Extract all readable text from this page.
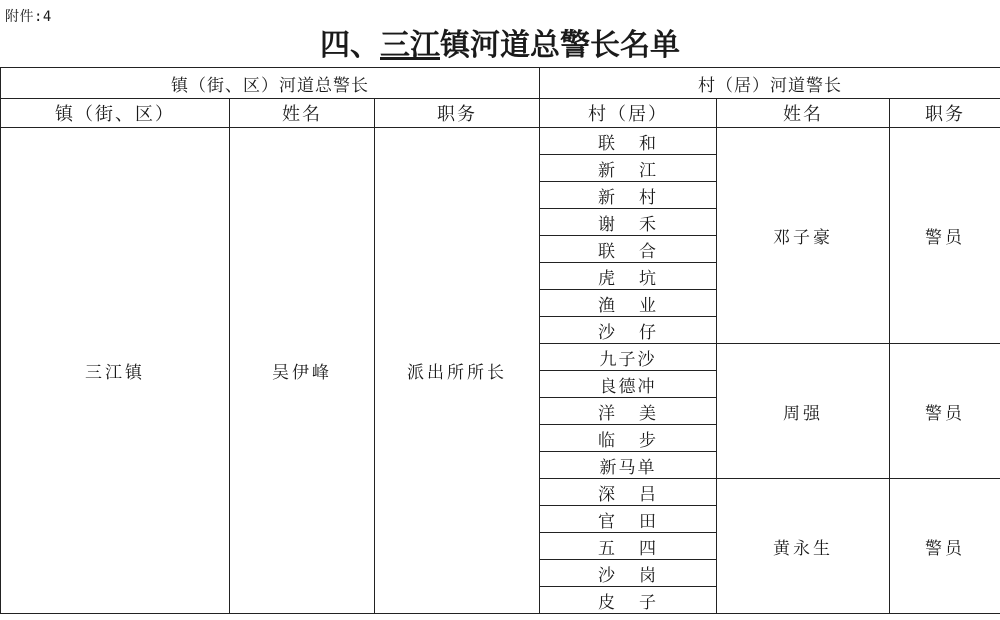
附件:4
四、三江镇河道总警长名单
镇（街、区）河道总警长			村（居）河道警长		
镇（街、区）	姓名	职务	村（居）	姓名	职务
三江镇	吴伊峰	派出所所长	联 和	邓子豪	警员
			新 江		
			新 村		
			谢 禾		
			联 合		
			虎 坑		
			渔 业		
			沙 仔		
			九子沙	周强	警员
			良德冲		
			洋 美		
			临 步		
			新马单		
			深 吕	黄永生	警员
			官 田		
			五 四		
			沙 岗		
			皮 子		
